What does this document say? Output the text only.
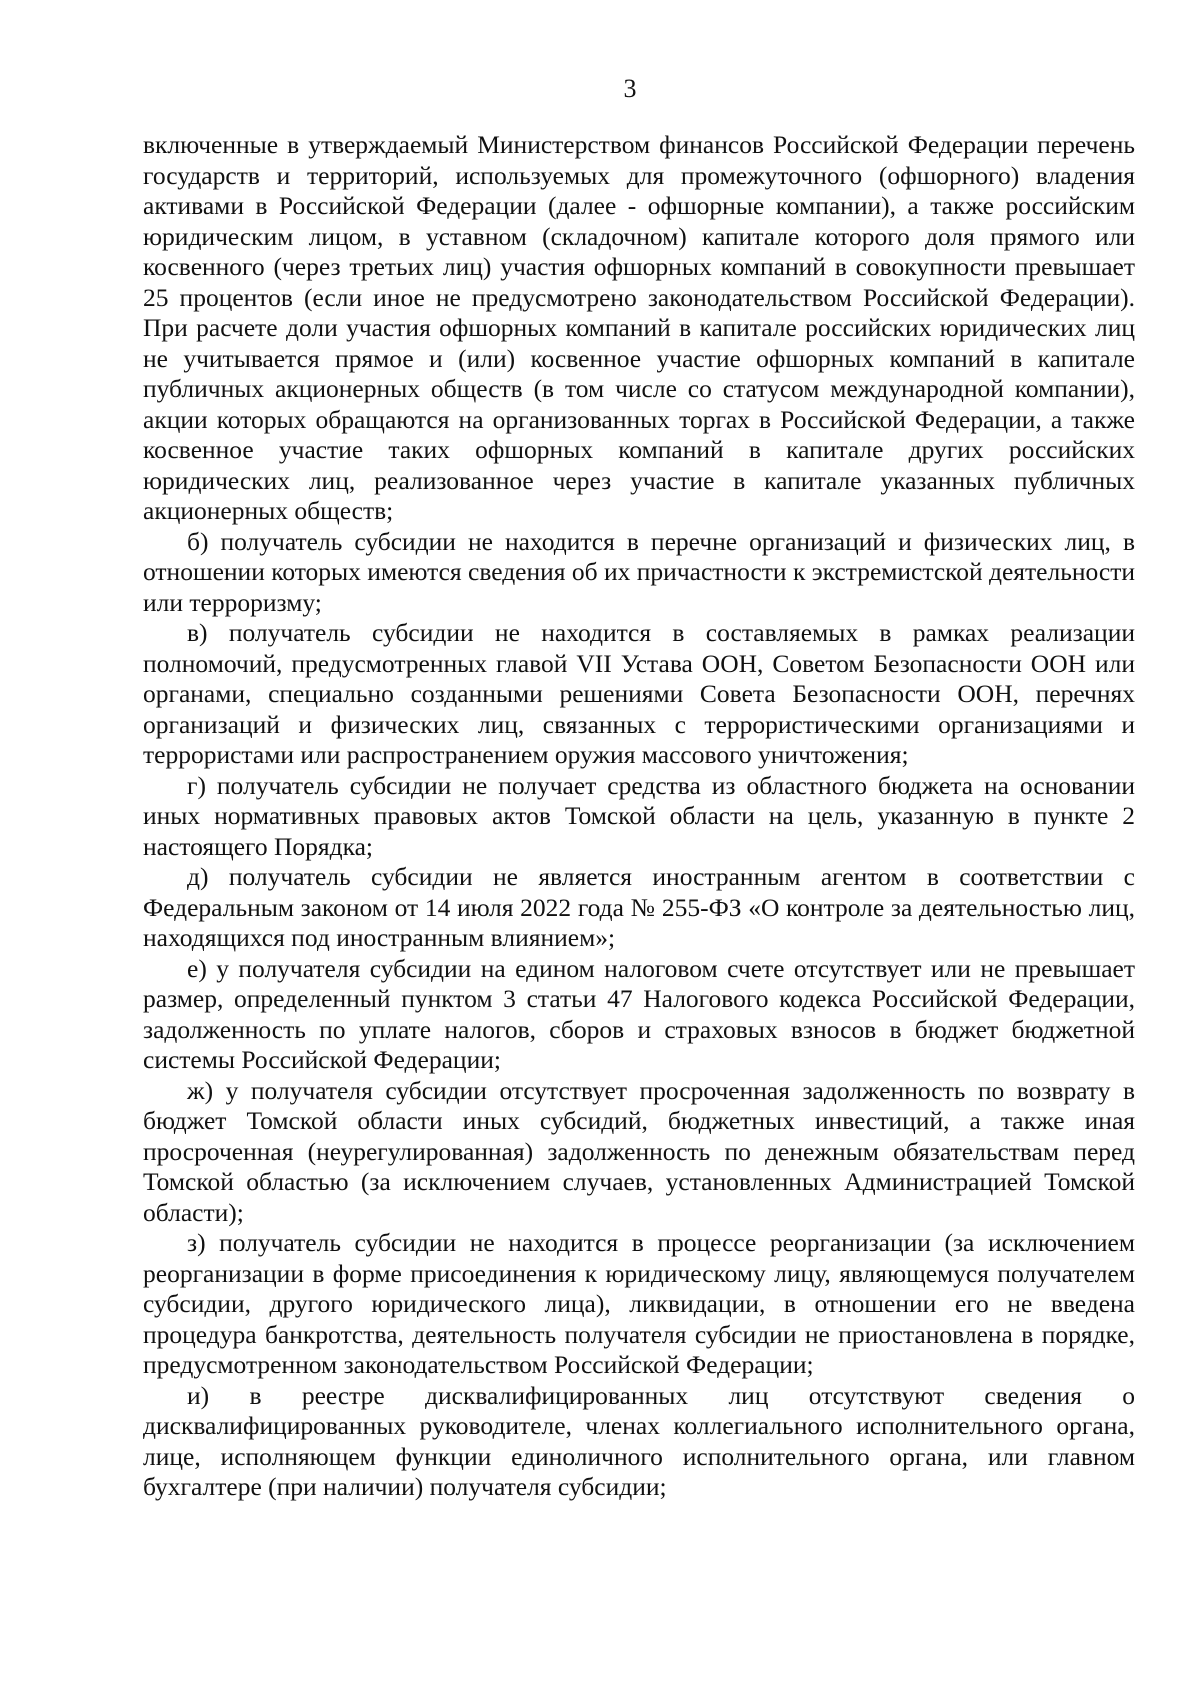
3

включенные в утверждаемый Министерством финансов Российской Федерации перечень государств и территорий, используемых для промежуточного (офшорного) владения активами в Российской Федерации (далее - офшорные компании), а также российским юридическим лицом, в уставном (складочном) капитале которого доля прямого или косвенного (через третьих лиц) участия офшорных компаний в совокупности превышает 25 процентов (если иное не предусмотрено законодательством Российской Федерации). При расчете доли участия офшорных компаний в капитале российских юридических лиц не учитывается прямое и (или) косвенное участие офшорных компаний в капитале публичных акционерных обществ (в том числе со статусом международной компании), акции которых обращаются на организованных торгах в Российской Федерации, а также косвенное участие таких офшорных компаний в капитале других российских юридических лиц, реализованное через участие в капитале указанных публичных акционерных обществ;

б) получатель субсидии не находится в перечне организаций и физических лиц, в отношении которых имеются сведения об их причастности к экстремистской деятельности или терроризму;

в) получатель субсидии не находится в составляемых в рамках реализации полномочий, предусмотренных главой VII Устава ООН, Советом Безопасности ООН или органами, специально созданными решениями Совета Безопасности ООН, перечнях организаций и физических лиц, связанных с террористическими организациями и террористами или распространением оружия массового уничтожения;

г) получатель субсидии не получает средства из областного бюджета на основании иных нормативных правовых актов Томской области на цель, указанную в пункте 2 настоящего Порядка;

д) получатель субсидии не является иностранным агентом в соответствии с Федеральным законом от 14 июля 2022 года № 255-ФЗ «О контроле за деятельностью лиц, находящихся под иностранным влиянием»;

е) у получателя субсидии на едином налоговом счете отсутствует или не превышает размер, определенный пунктом 3 статьи 47 Налогового кодекса Российской Федерации, задолженность по уплате налогов, сборов и страховых взносов в бюджет бюджетной системы Российской Федерации;

ж) у получателя субсидии отсутствует просроченная задолженность по возврату в бюджет Томской области иных субсидий, бюджетных инвестиций, а также иная просроченная (неурегулированная) задолженность по денежным обязательствам перед Томской областью (за исключением случаев, установленных Администрацией Томской области);

з) получатель субсидии не находится в процессе реорганизации (за исключением реорганизации в форме присоединения к юридическому лицу, являющемуся получателем субсидии, другого юридического лица), ликвидации, в отношении его не введена процедура банкротства, деятельность получателя субсидии не приостановлена в порядке, предусмотренном законодательством Российской Федерации;

и) в реестре дисквалифицированных лиц отсутствуют сведения о дисквалифицированных руководителе, членах коллегиального исполнительного органа, лице, исполняющем функции единоличного исполнительного органа, или главном бухгалтере (при наличии) получателя субсидии;
